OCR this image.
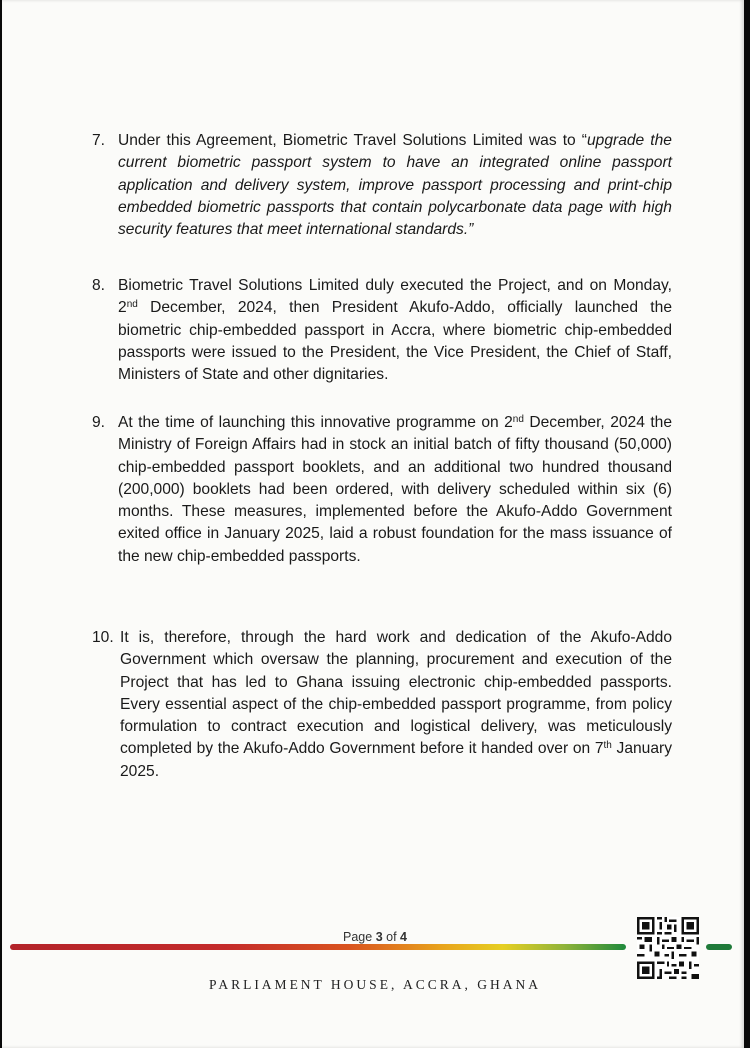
7. Under this Agreement, Biometric Travel Solutions Limited was to “upgrade the current biometric passport system to have an integrated online passport application and delivery system, improve passport processing and print-chip embedded biometric passports that contain polycarbonate data page with high security features that meet international standards.”
8. Biometric Travel Solutions Limited duly executed the Project, and on Monday, 2nd December, 2024, then President Akufo-Addo, officially launched the biometric chip-embedded passport in Accra, where biometric chip-embedded passports were issued to the President, the Vice President, the Chief of Staff, Ministers of State and other dignitaries.
9. At the time of launching this innovative programme on 2nd December, 2024 the Ministry of Foreign Affairs had in stock an initial batch of fifty thousand (50,000) chip-embedded passport booklets, and an additional two hundred thousand (200,000) booklets had been ordered, with delivery scheduled within six (6) months. These measures, implemented before the Akufo-Addo Government exited office in January 2025, laid a robust foundation for the mass issuance of the new chip-embedded passports.
10. It is, therefore, through the hard work and dedication of the Akufo-Addo Government which oversaw the planning, procurement and execution of the Project that has led to Ghana issuing electronic chip-embedded passports. Every essential aspect of the chip-embedded passport programme, from policy formulation to contract execution and logistical delivery, was meticulously completed by the Akufo-Addo Government before it handed over on 7th January 2025.
Page 3 of 4
PARLIAMENT HOUSE, ACCRA, GHANA
